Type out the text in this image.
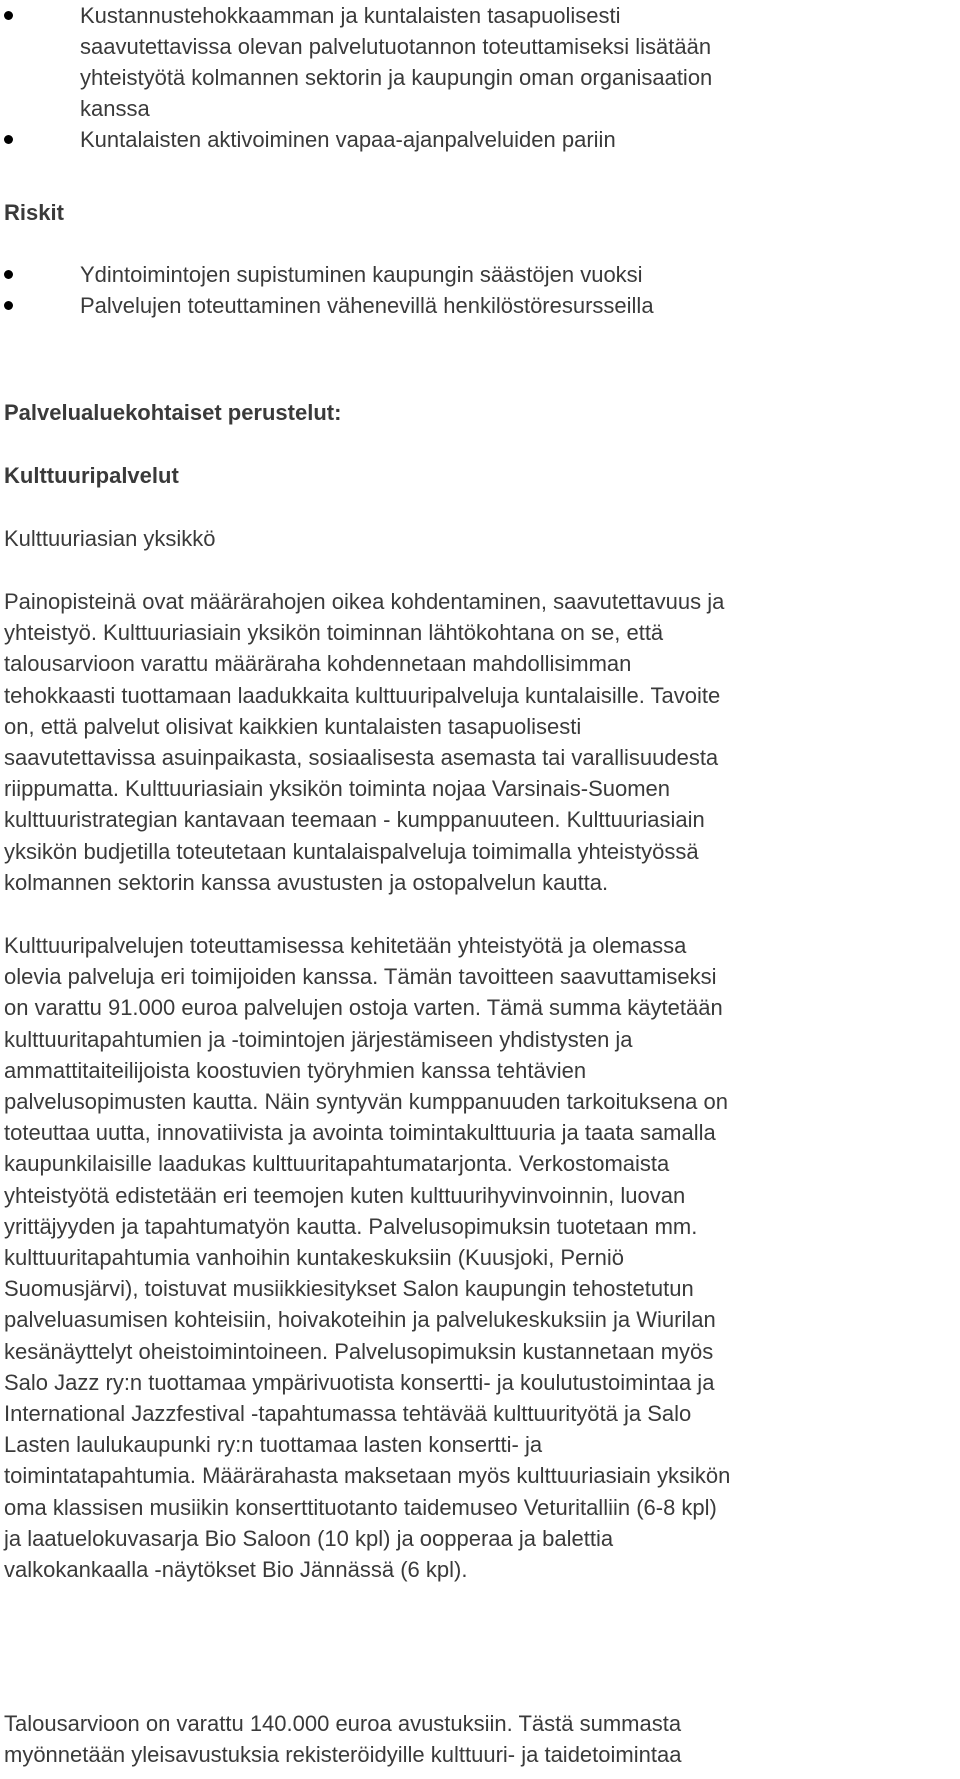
Kustannustehokkaamman ja kuntalaisten tasapuolisesti
saavutettavissa olevan palvelutuotannon toteuttamiseksi lisätään
yhteistyötä kolmannen sektorin ja kaupungin oman organisaation
kanssa
Kuntalaisten aktivoiminen vapaa-ajanpalveluiden pariin
Riskit
Ydintoimintojen supistuminen kaupungin säästöjen vuoksi
Palvelujen toteuttaminen vähenevillä henkilöstöresursseilla
Palvelualuekohtaiset perustelut:
Kulttuuripalvelut
Kulttuuriasian yksikkö

Painopisteinä ovat määrärahojen oikea kohdentaminen, saavutettavuus ja
yhteistyö. Kulttuuriasiain yksikön toiminnan lähtökohtana on se, että
talousarvioon varattu määräraha kohdennetaan mahdollisimman
tehokkaasti tuottamaan laadukkaita kulttuuripalveluja kuntalaisille. Tavoite
on, että palvelut olisivat kaikkien kuntalaisten tasapuolisesti
saavutettavissa asuinpaikasta, sosiaalisesta asemasta tai varallisuudesta
riippumatta. Kulttuuriasiain yksikön toiminta nojaa Varsinais-Suomen
kulttuuristrategian kantavaan teemaan - kumppanuuteen. Kulttuuriasiain
yksikön budjetilla toteutetaan kuntalaispalveluja toimimalla yhteistyössä
kolmannen sektorin kanssa avustusten ja ostopalvelun kautta.

Kulttuuripalvelujen toteuttamisessa kehitetään yhteistyötä ja olemassa
olevia palveluja eri toimijoiden kanssa. Tämän tavoitteen saavuttamiseksi
on varattu 91.000 euroa palvelujen ostoja varten. Tämä summa käytetään
kulttuuritapahtumien ja -toimintojen järjestämiseen yhdistysten ja
ammattitaiteilijoista koostuvien työryhmien kanssa tehtävien
palvelusopimusten kautta. Näin syntyvän kumppanuuden tarkoituksena on
toteuttaa uutta, innovatiivista ja avointa toimintakulttuuria ja taata samalla
kaupunkilaisille laadukas kulttuuritapahtumatarjonta. Verkostomaista
yhteistyötä edistetään eri teemojen kuten kulttuurihyvinvoinnin, luovan
yrittäjyyden ja tapahtumatyön kautta. Palvelusopimuksin tuotetaan mm.
kulttuuritapahtumia vanhoihin kuntakeskuksiin (Kuusjoki, Perniö
Suomusjärvi), toistuvat musiikkiesitykset Salon kaupungin tehostetutun
palveluasumisen kohteisiin, hoivakoteihin ja palvelukeskuksiin ja Wiurilan
kesänäyttelyt oheistoimintoineen. Palvelusopimuksin kustannetaan myös
Salo Jazz ry:n tuottamaa ympärivuotista konsertti- ja koulutustoimintaa ja
International Jazzfestival -tapahtumassa tehtävää kulttuurityötä ja Salo
Lasten laulukaupunki ry:n tuottamaa lasten konsertti- ja
toimintatapahtumia. Määrärahasta maksetaan myös kulttuuriasiain yksikön
oma klassisen musiikin konserttituotanto taidemuseo Veturitalliin (6-8 kpl)
ja laatuelokuvasarja Bio Saloon (10 kpl) ja oopperaa ja balettia
valkokankaalla -näytökset Bio Jännässä (6 kpl).

Talousarvioon on varattu 140.000 euroa avustuksiin. Tästä summasta
myönnetään yleisavustuksia rekisteröidyille kulttuuri- ja taidetoimintaa
